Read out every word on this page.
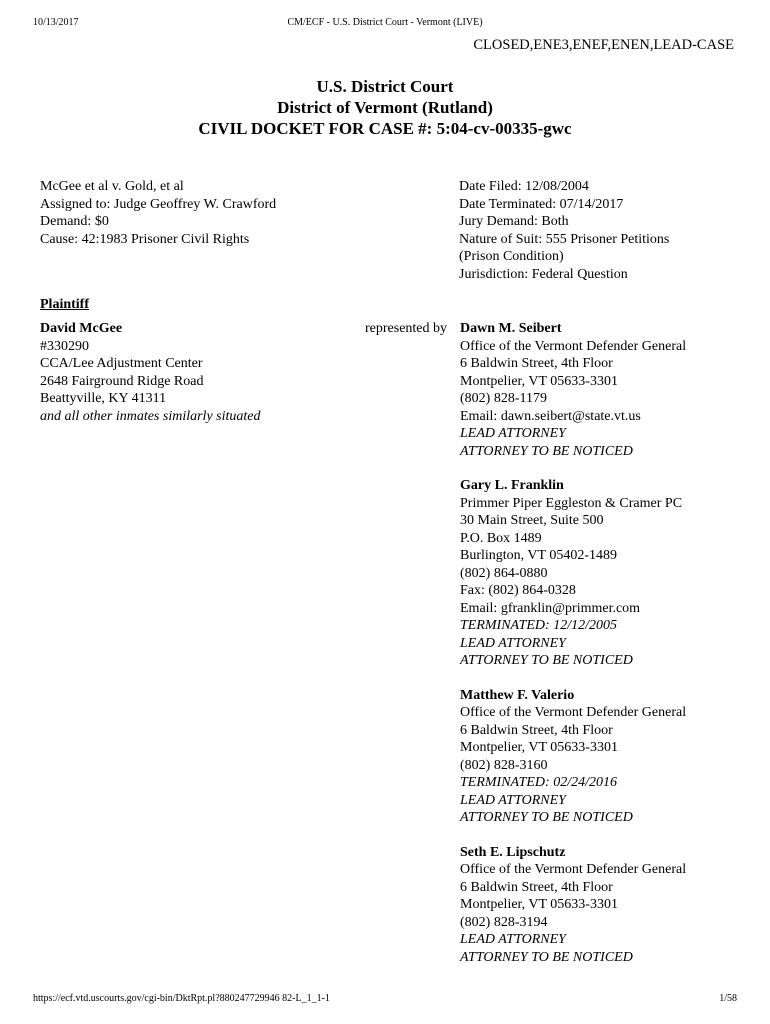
10/13/2017	CM/ECF - U.S. District Court - Vermont (LIVE)
CLOSED,ENE3,ENEF,ENEN,LEAD-CASE
U.S. District Court
District of Vermont (Rutland)
CIVIL DOCKET FOR CASE #: 5:04-cv-00335-gwc
McGee et al v. Gold, et al
Assigned to: Judge Geoffrey W. Crawford
Demand: $0
Cause: 42:1983 Prisoner Civil Rights
Date Filed: 12/08/2004
Date Terminated: 07/14/2017
Jury Demand: Both
Nature of Suit: 555 Prisoner Petitions
(Prison Condition)
Jurisdiction: Federal Question
Plaintiff
David McGee
#330290
CCA/Lee Adjustment Center
2648 Fairground Ridge Road
Beattyville, KY 41311
and all other inmates similarly situated
represented by Dawn M. Seibert
Office of the Vermont Defender General
6 Baldwin Street, 4th Floor
Montpelier, VT 05633-3301
(802) 828-1179
Email: dawn.seibert@state.vt.us
LEAD ATTORNEY
ATTORNEY TO BE NOTICED
Gary L. Franklin
Primmer Piper Eggleston & Cramer PC
30 Main Street, Suite 500
P.O. Box 1489
Burlington, VT 05402-1489
(802) 864-0880
Fax: (802) 864-0328
Email: gfranklin@primmer.com
TERMINATED: 12/12/2005
LEAD ATTORNEY
ATTORNEY TO BE NOTICED
Matthew F. Valerio
Office of the Vermont Defender General
6 Baldwin Street, 4th Floor
Montpelier, VT 05633-3301
(802) 828-3160
TERMINATED: 02/24/2016
LEAD ATTORNEY
ATTORNEY TO BE NOTICED
Seth E. Lipschutz
Office of the Vermont Defender General
6 Baldwin Street, 4th Floor
Montpelier, VT 05633-3301
(802) 828-3194
LEAD ATTORNEY
ATTORNEY TO BE NOTICED
https://ecf.vtd.uscourts.gov/cgi-bin/DktRpt.pl?880247729946 82-L_1_1-1	1/58
